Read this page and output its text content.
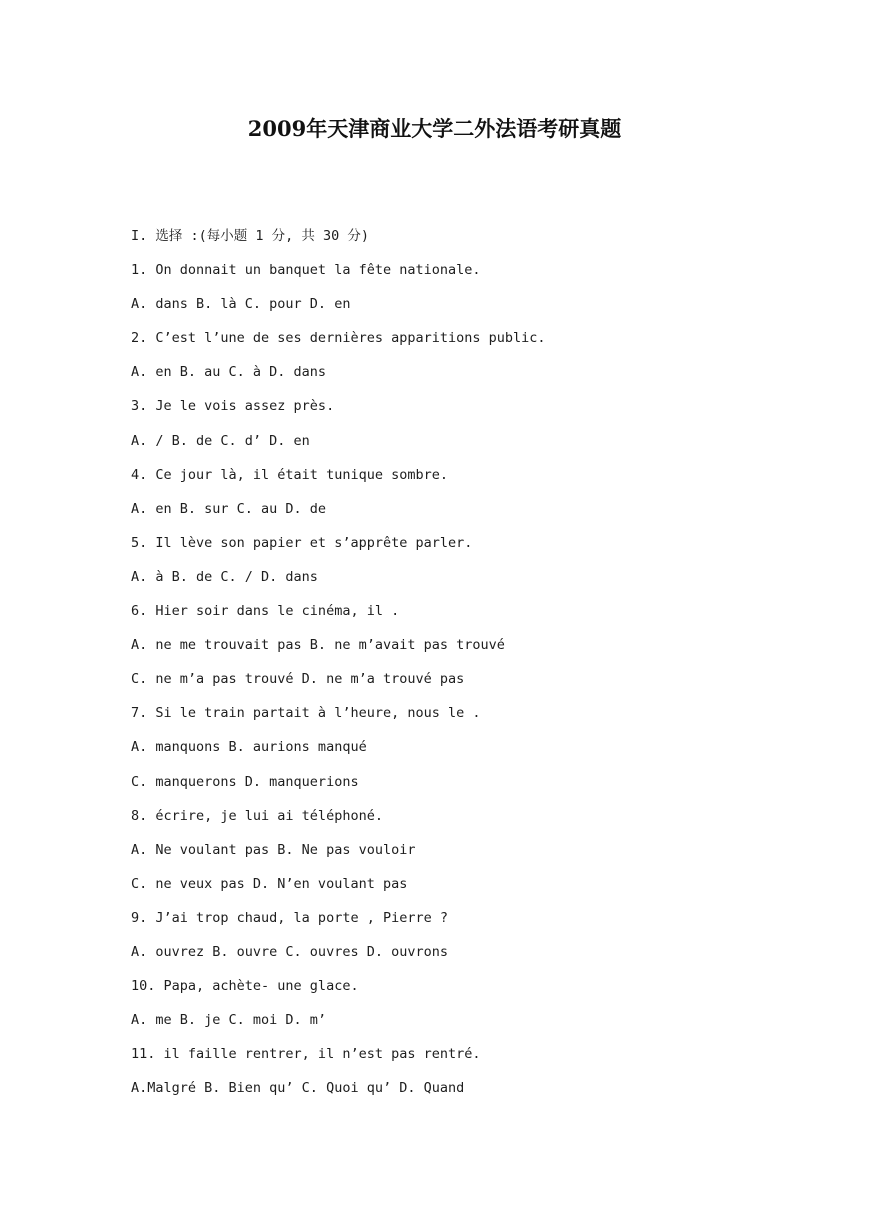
2009年天津商业大学二外法语考研真题
I. 选择 :(每小题 1 分, 共 30 分)
1. On donnait un banquet la fête nationale.
A. dans B. là C. pour D. en
2. C’est l’une de ses dernières apparitions public.
A. en B. au C. à D. dans
3. Je le vois assez près.
A. / B. de C. d’ D. en
4. Ce jour là, il était tunique sombre.
A. en B. sur C. au D. de
5. Il lève son papier et s’apprête parler.
A. à B. de C. / D. dans
6. Hier soir dans le cinéma, il .
A. ne me trouvait pas B. ne m’avait pas trouvé
C. ne m’a pas trouvé D. ne m’a trouvé pas
7. Si le train partait à l’heure, nous le .
A. manquons B. aurions manqué
C. manquerons D. manquerions
8. écrire, je lui ai téléphoné.
A. Ne voulant pas B. Ne pas vouloir
C. ne veux pas D. N’en voulant pas
9. J’ai trop chaud, la porte , Pierre ?
A. ouvrez B. ouvre C. ouvres D. ouvrons
10. Papa, achète- une glace.
A. me B. je C. moi D. m’
11. il faille rentrer, il n’est pas rentré.
A.Malgré B. Bien qu’ C. Quoi qu’ D. Quand
